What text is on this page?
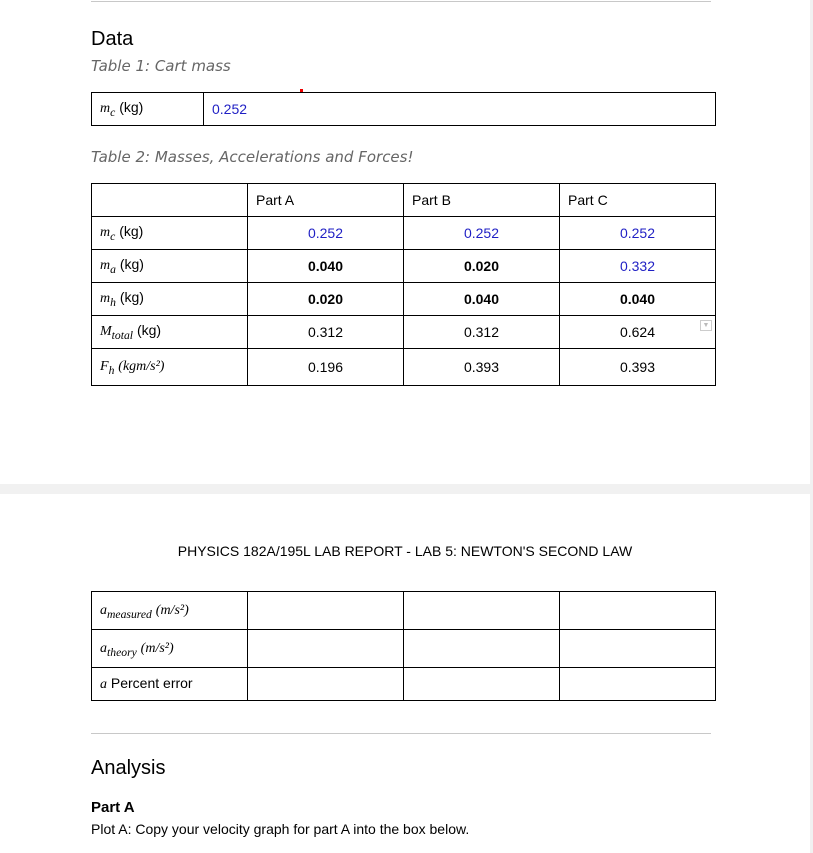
Data
Table 1: Cart mass
$m_c$ (kg)	0.252
Table 2: Masses, Accelerations and Forces!
	Part A	Part B	Part C
$m_c$ (kg)	0.252	0.252	0.252
$m_a$ (kg)	0.040	0.020	0.332
$m_h$ (kg)	0.020	0.040	0.040
$M_{total}$ (kg)	0.312	0.312	0.624 ▼

$F_h$ (kgm/s²)	0.196	0.393	0.393
PHYSICS 182A/195L LAB REPORT - LAB 5: NEWTON'S SECOND LAW
$a_{measured}$ (m/s²)			
$a_{theory}$ (m/s²)			
a Percent error			
Analysis
Part A
Plot A: Copy your velocity graph for part A into the box below.
